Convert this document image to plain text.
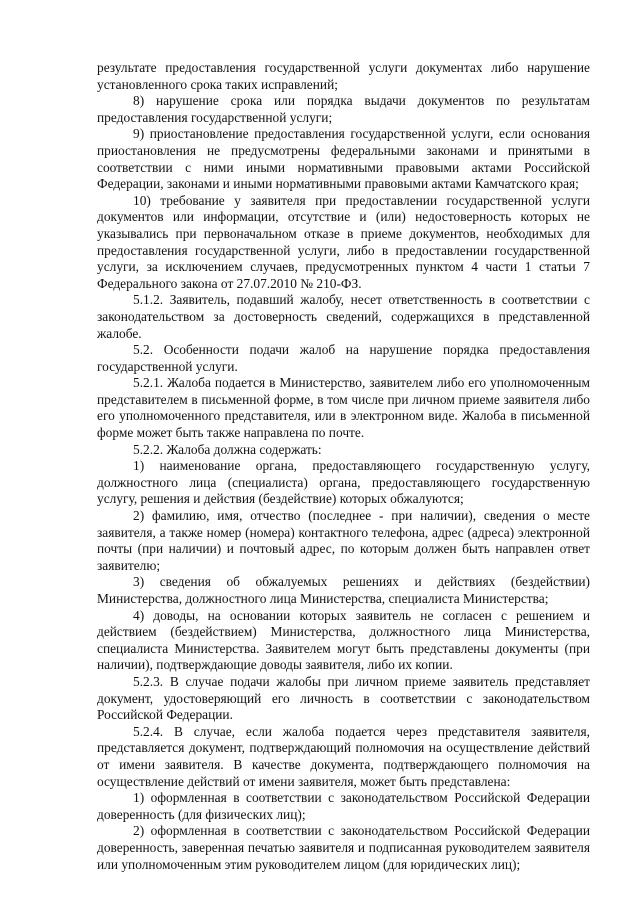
результате предоставления государственной услуги документах либо нарушение установленного срока таких исправлений;

8) нарушение срока или порядка выдачи документов по результатам предоставления государственной услуги;

9) приостановление предоставления государственной услуги, если основания приостановления не предусмотрены федеральными законами и принятыми в соответствии с ними иными нормативными правовыми актами Российской Федерации, законами и иными нормативными правовыми актами Камчатского края;

10) требование у заявителя при предоставлении государственной услуги документов или информации, отсутствие и (или) недостоверность которых не указывались при первоначальном отказе в приеме документов, необходимых для предоставления государственной услуги, либо в предоставлении государственной услуги, за исключением случаев, предусмотренных пунктом 4 части 1 статьи 7 Федерального закона от 27.07.2010 № 210-ФЗ.

5.1.2. Заявитель, подавший жалобу, несет ответственность в соответствии с законодательством за достоверность сведений, содержащихся в представленной жалобе.

5.2. Особенности подачи жалоб на нарушение порядка предоставления государственной услуги.

5.2.1. Жалоба подается в Министерство, заявителем либо его уполномоченным представителем в письменной форме, в том числе при личном приеме заявителя либо его уполномоченного представителя, или в электронном виде. Жалоба в письменной форме может быть также направлена по почте.

5.2.2. Жалоба должна содержать:

1) наименование органа, предоставляющего государственную услугу, должностного лица (специалиста) органа, предоставляющего государственную услугу, решения и действия (бездействие) которых обжалуются;

2) фамилию, имя, отчество (последнее - при наличии), сведения о месте заявителя, а также номер (номера) контактного телефона, адрес (адреса) электронной почты (при наличии) и почтовый адрес, по которым должен быть направлен ответ заявителю;

3) сведения об обжалуемых решениях и действиях (бездействии) Министерства, должностного лица Министерства, специалиста Министерства;

4) доводы, на основании которых заявитель не согласен с решением и действием (бездействием) Министерства, должностного лица Министерства, специалиста Министерства. Заявителем могут быть представлены документы (при наличии), подтверждающие доводы заявителя, либо их копии.

5.2.3. В случае подачи жалобы при личном приеме заявитель представляет документ, удостоверяющий его личность в соответствии с законодательством Российской Федерации.

5.2.4. В случае, если жалоба подается через представителя заявителя, представляется документ, подтверждающий полномочия на осуществление действий от имени заявителя. В качестве документа, подтверждающего полномочия на осуществление действий от имени заявителя, может быть представлена:

1) оформленная в соответствии с законодательством Российской Федерации доверенность (для физических лиц);

2) оформленная в соответствии с законодательством Российской Федерации доверенность, заверенная печатью заявителя и подписанная руководителем заявителя или уполномоченным этим руководителем лицом (для юридических лиц);
